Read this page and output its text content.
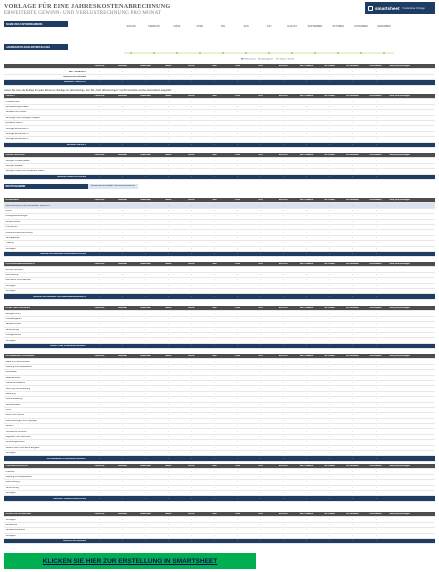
VORLAGE FÜR EINE JAHRESKOSTENABRECHNUNG
ERWEITERTE GEWINN- UND VERLUSTRECHNUNG PRO MONAT
smartsheet Kostenlose Vorlage
NAME DES UNTERNEHMENS
JAHRESZEITLICHE ENTWICKLUNG
JANUAR	FEBRUAR	MÄRZ	APRIL	MAI	JUNI	JULI	AUGUST	SEPTEMBER	OKTOBER	NOVEMBER	DEZEMBER
Nettoumsatz	Bruttogewinn	Gewinn / Verlust
PERIODE	JANUAR	FEBRUAR	MÄRZ	APRIL	MAI	JUNI	JULI	AUGUST	SEPTEMBER	OKTOBER	NOVEMBER	DEZEMBER	Total jahresbezogen
NETTOUMSATZ	-	-	-	-	-	-	-	-	-	-	-	-	-
GESAMTAUSGABEN	-	-	-	-	-	-	-	-	-	-	-	-	-
GEWINN / VERLUST	-	-	-	-	-	-	-	-	-	-	-	-	-
Geben Sie neue die Beträge für jeden Monat ein. Beträge mit Jahresbezüge, den Tab „Total Jahresbezogen" und Prozentsätze werden automatisch ausgefüllt.
UMSATZ	PERIODE	JANUAR	FEBRUAR	MÄRZ	APRIL	MAI	JUNI	JULI	AUGUST	SEPTEMBER	OKTOBER	NOVEMBER	DEZEMBER	Total jahresbezogen
Umsatzerlöse	-	-	-	-	-	-	-	-	-	-	-	-	-
Dienstleistungsumsatz	-	-	-	-	-	-	-	-	-	-	-	-	-
Verkäufe von Assets	-	-	-	-	-	-	-	-	-	-	-	-	-
Zahlungen aus Anteiligen Abgabe	-	-	-	-	-	-	-	-	-	-	-	-	-
Erhaltene Skonti	-	-	-	-	-	-	-	-	-	-	-	-	-
Sonstige Einnahmen 1	-	-	-	-	-	-	-	-	-	-	-	-	-
Sonstige Einnahmen 2	-	-	-	-	-	-	-	-	-	-	-	-	-
Sonstige Einnahmen 3	-	-	-	-	-	-	-	-	-	-	-	-	-
GESAMTUMSATZ	-	-	-	-	-	-	-	-	-	-	-	-	-
UMSATZKOSTEN	PERIODE	JANUAR	FEBRUAR	MÄRZ	APRIL	MAI	JUNI	JULI	AUGUST	SEPTEMBER	OKTOBER	NOVEMBER	DEZEMBER	Total jahresbezogen
Weniger Umsatzrabatte	-	-	-	-	-	-	-	-	-	-	-	-	-
Weniger Rabatte	-	-	-	-	-	-	-	-	-	-	-	-	-
Weniger Kosten der verkauften Waren	-	-	-	-	-	-	-	-	-	-	-	-	-
GESAMTUMSATZKOSTEN	-	-	-	-	-	-	-	-	-	-	-	-	-
BRUTTOGEWINN	Gesamtumsatz abzüglich Gesamtumsatzkosten
AUSGABEN	PERIODE	JANUAR	FEBRUAR	MÄRZ	APRIL	MAI	JUNI	JULI	AUGUST	SEPTEMBER	OKTOBER	NOVEMBER	DEZEMBER	Total jahresbezogen
PERSONALKOSTEN IM ARBEITSMODUS	-	-	-	-	-	-	-	-	-	-	-	-	-
Löhne	-	-	-	-	-	-	-	-	-	-	-	-	-
Arbeitgeberleistungen	-	-	-	-	-	-	-	-	-	-	-	-	-
Betriebsrenten	-	-	-	-	-	-	-	-	-	-	-	-	-
Provisionen	-	-	-	-	-	-	-	-	-	-	-	-	-
Arbeitnehmerversicherung	-	-	-	-	-	-	-	-	-	-	-	-	-
Vertragsarbeit	-	-	-	-	-	-	-	-	-	-	-	-	-
Training	-	-	-	-	-	-	-	-	-	-	-	-	-
Sonstiges	-	-	-	-	-	-	-	-	-	-	-	-	-
GESAMTAUSGABEN PERSONALKOSTEN	-	-	-	-	-	-	-	-	-	-	-	-	-
UNTERNEHMENSDIENSTE	PERIODE	JANUAR	FEBRUAR	MÄRZ	APRIL	MAI	JUNI	JULI	AUGUST	SEPTEMBER	OKTOBER	NOVEMBER	DEZEMBER	Total jahresbezogen
Externe Services	-	-	-	-	-	-	-	-	-	-	-	-	-
Buchhaltung	-	-	-	-	-	-	-	-	-	-	-	-	-
Rechtliche Informationen	-	-	-	-	-	-	-	-	-	-	-	-	-
Sonstiges	-	-	-	-	-	-	-	-	-	-	-	-	-
Sonstiges	-	-	-	-	-	-	-	-	-	-	-	-	-
GESAMTAUSGABEN UNTERNEHMENSDIENSTE	-	-	-	-	-	-	-	-	-	-	-	-	-
BANK UND FINANZEN	PERIODE	JANUAR	FEBRUAR	MÄRZ	APRIL	MAI	JUNI	JULI	AUGUST	SEPTEMBER	OKTOBER	NOVEMBER	DEZEMBER	Total jahresbezogen
Bankgebühren	-	-	-	-	-	-	-	-	-	-	-	-	-
Kreditausgaben	-	-	-	-	-	-	-	-	-	-	-	-	-
Variable Zinsen	-	-	-	-	-	-	-	-	-	-	-	-	-
Versicherung	-	-	-	-	-	-	-	-	-	-	-	-	-
Kreditgebühren	-	-	-	-	-	-	-	-	-	-	-	-	-
Sonstiges	-	-	-	-	-	-	-	-	-	-	-	-	-
BANK- UND FINANZEN GESAMT	-	-	-	-	-	-	-	-	-	-	-	-	-
ALLGEMEINE AUSGABEN	PERIODE	JANUAR	FEBRUAR	MÄRZ	APRIL	MAI	JUNI	JULI	AUGUST	SEPTEMBER	OKTOBER	NOVEMBER	DEZEMBER	Total jahresbezogen
Miete und Nebenkosten	-	-	-	-	-	-	-	-	-	-	-	-	-
Wartung und Reparaturen	-	-	-	-	-	-	-	-	-	-	-	-	-
Bürobedarf	-	-	-	-	-	-	-	-	-	-	-	-	-
Materialkosten	-	-	-	-	-	-	-	-	-	-	-	-	-
Telekommunikation	-	-	-	-	-	-	-	-	-	-	-	-	-
Werbung und Bewirtung	-	-	-	-	-	-	-	-	-	-	-	-	-
Marketing	-	-	-	-	-	-	-	-	-	-	-	-	-
Werbemarketing	-	-	-	-	-	-	-	-	-	-	-	-	-
Versandkosten	-	-	-	-	-	-	-	-	-	-	-	-	-
Porto	-	-	-	-	-	-	-	-	-	-	-	-	-
Reise und Freizeit	-	-	-	-	-	-	-	-	-	-	-	-	-
Abschreibungen und Tilgungen	-	-	-	-	-	-	-	-	-	-	-	-	-
Steuern	-	-	-	-	-	-	-	-	-	-	-	-	-
Technische Lizenzen	-	-	-	-	-	-	-	-	-	-	-	-	-
Mitglieder und Gebühren	-	-	-	-	-	-	-	-	-	-	-	-	-
Schwundgebühren	-	-	-	-	-	-	-	-	-	-	-	-	-
Weitere durch rechtliche Eingabe	-	-	-	-	-	-	-	-	-	-	-	-	-
Sonstiges	-	-	-	-	-	-	-	-	-	-	-	-	-
ALLGEMEINE AUSGABEN GESAMT	-	-	-	-	-	-	-	-	-	-	-	-	-
FAHRZEUGKOSTEN	PERIODE	JANUAR	FEBRUAR	MÄRZ	APRIL	MAI	JUNI	JULI	AUGUST	SEPTEMBER	OKTOBER	NOVEMBER	DEZEMBER	Total jahresbezogen
Kraftstoff	-	-	-	-	-	-	-	-	-	-	-	-	-
Wartung und Reparaturen	-	-	-	-	-	-	-	-	-	-	-	-	-
Abschreibung	-	-	-	-	-	-	-	-	-	-	-	-	-
Versicherung	-	-	-	-	-	-	-	-	-	-	-	-	-
Sonstiges	-	-	-	-	-	-	-	-	-	-	-	-	-
GESAMT FAHRZEUGKOSTEN	-	-	-	-	-	-	-	-	-	-	-	-	-
SONSTIGE AUSGABEN	PERIODE	JANUAR	FEBRUAR	MÄRZ	APRIL	MAI	JUNI	JULI	AUGUST	SEPTEMBER	OKTOBER	NOVEMBER	DEZEMBER	Total jahresbezogen
Sonstiges	-	-	-	-	-	-	-	-	-	-	-	-	-
Einnahmen	-	-	-	-	-	-	-	-	-	-	-	-	-
Verkaufsfinanzierer	-	-	-	-	-	-	-	-	-	-	-	-	-
Sonstiges	-	-	-	-	-	-	-	-	-	-	-	-	-
GESAMTAUSGABEN	-	-	-	-	-	-	-	-	-	-	-	-	-
KLICKEN SIE HIER ZUR ERSTELLUNG IN SMARTSHEET
